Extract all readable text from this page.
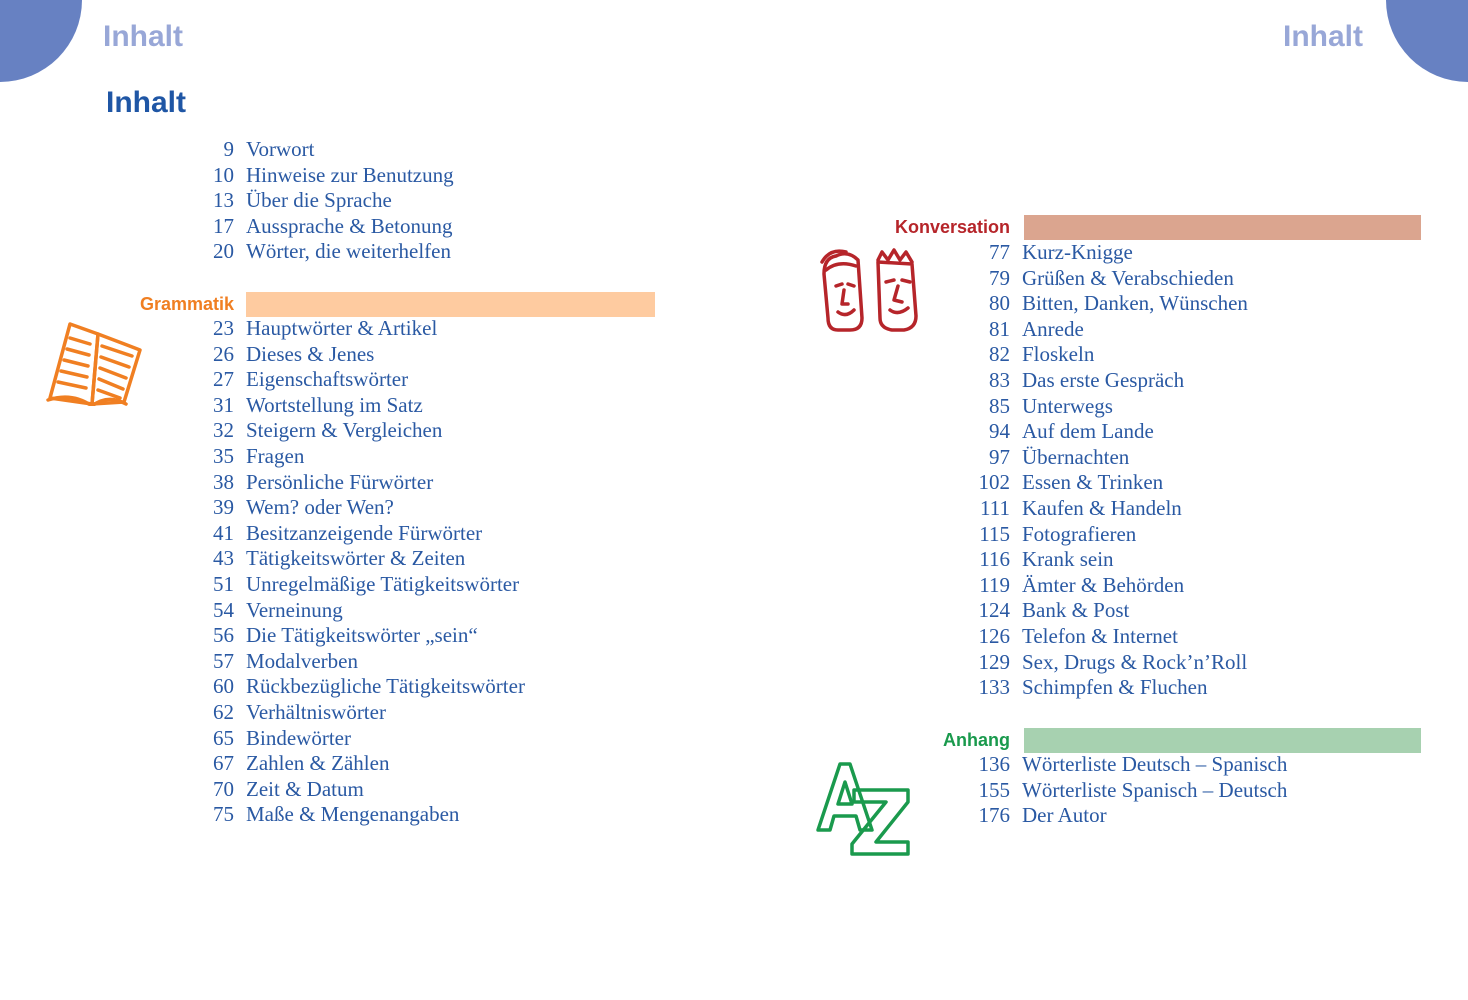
Inhalt	Inhalt
Inhalt
9 Vorwort
10 Hinweise zur Benutzung
13 Über die Sprache
17 Aussprache & Betonung
20 Wörter, die weiterhelfen
Grammatik
23 Hauptwörter & Artikel
26 Dieses & Jenes
27 Eigenschaftswörter
31 Wortstellung im Satz
32 Steigern & Vergleichen
35 Fragen
38 Persönliche Fürwörter
39 Wem? oder Wen?
41 Besitzanzeigende Fürwörter
43 Tätigkeitswörter & Zeiten
51 Unregelmäßige Tätigkeitswörter
54 Verneinung
56 Die Tätigkeitswörter „sein“
57 Modalverben
60 Rückbezügliche Tätigkeitswörter
62 Verhältniswörter
65 Bindewörter
67 Zahlen & Zählen
70 Zeit & Datum
75 Maße & Mengenangaben
Konversation
77 Kurz-Knigge
79 Grüßen & Verabschieden
80 Bitten, Danken, Wünschen
81 Anrede
82 Floskeln
83 Das erste Gespräch
85 Unterwegs
94 Auf dem Lande
97 Übernachten
102 Essen & Trinken
111 Kaufen & Handeln
115 Fotografieren
116 Krank sein
119 Ämter & Behörden
124 Bank & Post
126 Telefon & Internet
129 Sex, Drugs & Rock’n’Roll
133 Schimpfen & Fluchen
Anhang
136 Wörterliste Deutsch – Spanisch
155 Wörterliste Spanisch – Deutsch
176 Der Autor
